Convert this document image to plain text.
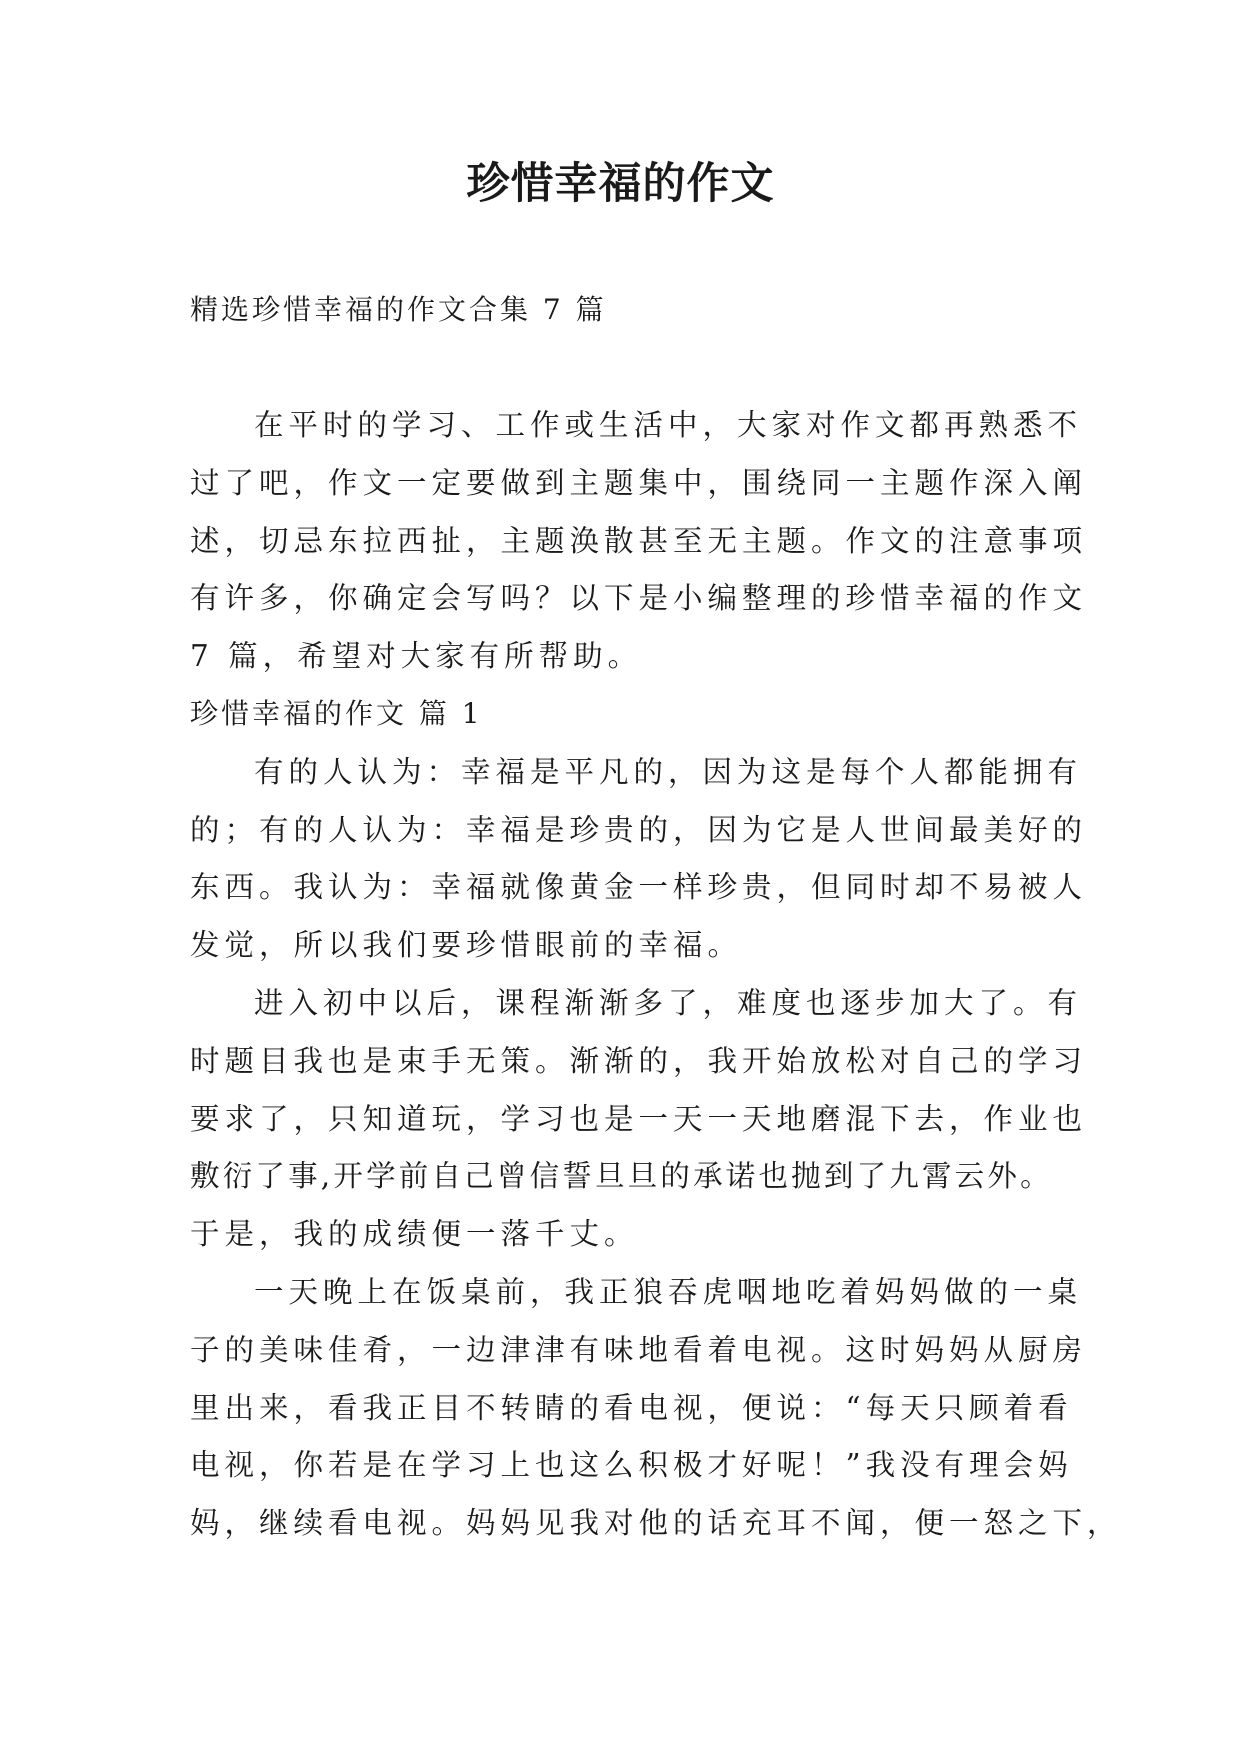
珍惜幸福的作文
精选珍惜幸福的作文合集 7 篇
在平时的学习、工作或生活中，大家对作文都再熟悉不
过了吧，作文一定要做到主题集中，围绕同一主题作深入阐
述，切忌东拉西扯，主题涣散甚至无主题。作文的注意事项
有许多，你确定会写吗？以下是小编整理的珍惜幸福的作文
7 篇，希望对大家有所帮助。
珍惜幸福的作文 篇 1
有的人认为：幸福是平凡的，因为这是每个人都能拥有
的；有的人认为：幸福是珍贵的，因为它是人世间最美好的
东西。我认为：幸福就像黄金一样珍贵，但同时却不易被人
发觉，所以我们要珍惜眼前的幸福。
进入初中以后，课程渐渐多了，难度也逐步加大了。有
时题目我也是束手无策。渐渐的，我开始放松对自己的学习
要求了，只知道玩，学习也是一天一天地磨混下去，作业也
敷衍了事,开学前自己曾信誓旦旦的承诺也抛到了九霄云外。
于是，我的成绩便一落千丈。
一天晚上在饭桌前，我正狼吞虎咽地吃着妈妈做的一桌
子的美味佳肴，一边津津有味地看着电视。这时妈妈从厨房
里出来，看我正目不转睛的看电视，便说：“每天只顾着看
电视，你若是在学习上也这么积极才好呢！”我没有理会妈
妈，继续看电视。妈妈见我对他的话充耳不闻，便一怒之下，
